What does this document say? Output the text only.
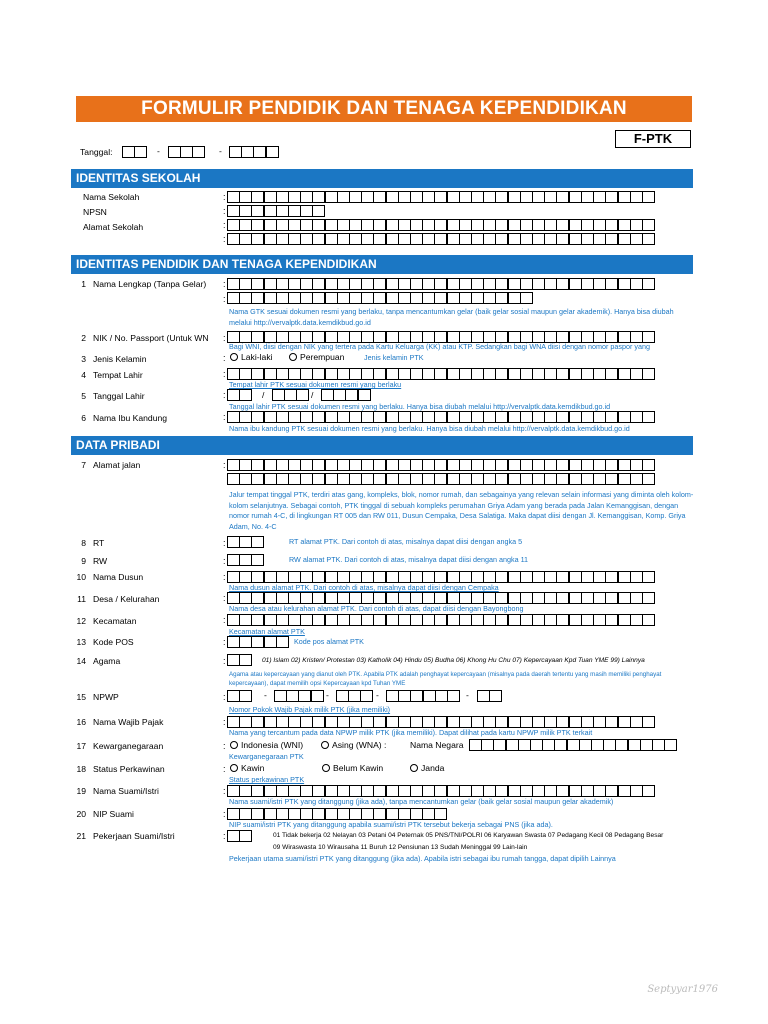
FORMULIR PENDIDIK DAN TENAGA KEPENDIDIKAN
F-PTK
Tanggal:	-	-
IDENTITAS SEKOLAH
Nama Sekolah	:
NPSN	:
Alamat Sekolah	:
:
IDENTITAS PENDIDIK DAN TENAGA KEPENDIDIKAN
1 Nama Lengkap (Tanpa Gelar) :
:
Nama GTK sesuai dokumen resmi yang berlaku, tanpa mencantumkan gelar (baik gelar sosial maupun gelar akademik). Hanya bisa diubah melalui http://vervalptk.data.kemdikbud.go.id
2 NIK / No. Passport (Untuk WN	:
Bagi WNI, diisi dengan NIK yang tertera pada Kartu Keluarga (KK) atau KTP. Sedangkan bagi WNA diisi dengan nomor paspor yang
3 Jenis Kelamin	:	Laki-laki	Perempuan	Jenis kelamin PTK
4 Tempat Lahir	:
Tempat lahir PTK sesuai dokumen resmi yang berlaku
5 Tanggal Lahir	:	/	/
Tanggal lahir PTK sesuai dokumen resmi yang berlaku. Hanya bisa diubah melalui http://vervalptk.data.kemdikbud.go.id
6 Nama Ibu Kandung	:
Nama ibu kandung PTK sesuai dokumen resmi yang berlaku. Hanya bisa diubah melalui http://vervalptk.data.kemdikbud.go.id
DATA PRIBADI
7 Alamat jalan	:
Jalur tempat tinggal PTK, terdiri atas gang, kompleks, blok, nomor rumah, dan sebagainya yang relevan selain informasi yang diminta oleh kolom-kolom selanjutnya. Sebagai contoh, PTK tinggal di sebuah kompleks perumahan Griya Adam yang berada pada Jalan Kemanggisan, dengan nomor rumah 4-C, di lingkungan RT 005 dan RW 011, Dusun Cempaka, Desa Salatiga. Maka dapat diisi dengan Jl. Kemanggisan, Komp. Griya Adam, No. 4-C
8 RT	:	RT alamat PTK. Dari contoh di atas, misalnya dapat diisi dengan angka 5
9 RW	:	RW alamat PTK. Dari contoh di atas, misalnya dapat diisi dengan angka 11
10 Nama Dusun	:
Nama dusun alamat PTK. Dari contoh di atas, misalnya dapat diisi dengan Cempaka
11 Desa / Kelurahan	:
Nama desa atau kelurahan alamat PTK. Dari contoh di atas, dapat diisi dengan Bayongbong
12 Kecamatan	:
Kecamatan alamat PTK
13 Kode POS	:	Kode pos alamat PTK
14 Agama	:	01) Islam 02) Kristen/ Protestan 03) Katholik 04) Hindu 05) Budha 06) Khong Hu Chu 07) Kepercayaan Kpd Tuan YME 99) Lainnya
Agama atau kepercayaan yang dianut oleh PTK. Apabila PTK adalah penghayat kepercayaan (misalnya pada daerah tertentu yang masih memiliki penghayat kepercayaan), dapat memilih opsi Kepercayaan kpd Tuhan YME
15 NPWP	:	-	-	-	-
Nomor Pokok Wajib Pajak milik PTK (jika memiliki)
16 Nama Wajib Pajak	:
Nama yang tercantum pada data NPWP milik PTK (jika memiliki). Dapat dilihat pada kartu NPWP milik PTK terkait
17 Kewarganegaraan	:	Indonesia (WNI)	Asing (WNA) :	Nama Negara
Kewarganegaraan PTK
18 Status Perkawinan	:	Kawin	Belum Kawin	Janda
Status perkawinan PTK
19 Nama Suami/Istri	:
Nama suami/istri PTK yang ditanggung (jika ada), tanpa mencantumkan gelar (baik gelar sosial maupun gelar akademik)
20 NIP Suami	:
NIP suami/istri PTK yang ditanggung apabila suami/istri PTK tersebut bekerja sebagai PNS (jika ada).
21 Pekerjaan Suami/Istri	:	01 Tidak bekerja 02 Nelayan 03 Petani 04 Peternak 05 PNS/TNI/POLRI 06 Karyawan Swasta 07 Pedagang Kecil 08 Pedagang Besar
09 Wiraswasta 10 Wirausaha 11 Buruh 12 Pensiunan 13 Sudah Meninggal 99 Lain-lain
Pekerjaan utama suami/istri PTK yang ditanggung (jika ada). Apabila istri sebagai ibu rumah tangga, dapat dipilih Lainnya
Septyyar1976
